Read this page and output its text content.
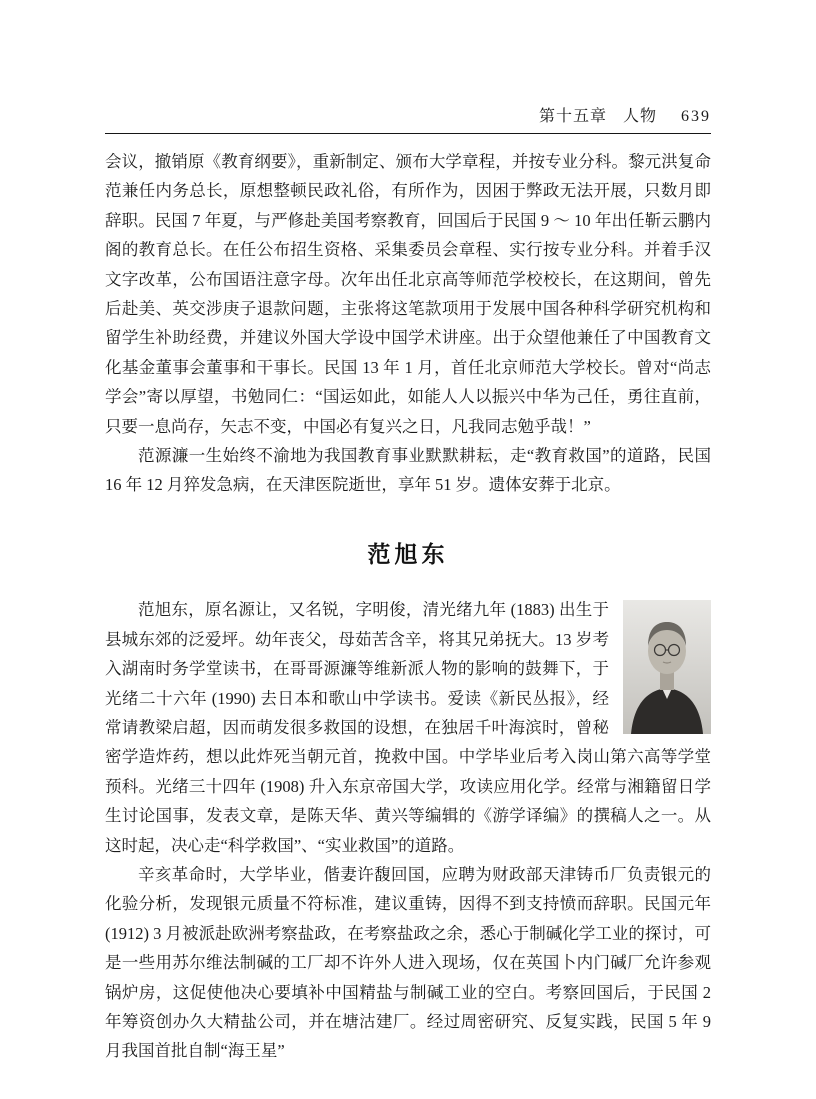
第十五章 人物 639

会议，撤销原《教育纲要》，重新制定、颁布大学章程，并按专业分科。黎元洪复命范兼任内务总长，原想整顿民政礼俗，有所作为，因困于弊政无法开展，只数月即辞职。民国 7 年夏，与严修赴美国考察教育，回国后于民国 9 ～ 10 年出任靳云鹏内阁的教育总长。在任公布招生资格、采集委员会章程、实行按专业分科。并着手汉文字改革，公布国语注意字母。次年出任北京高等师范学校校长，在这期间，曾先后赴美、英交涉庚子退款问题，主张将这笔款项用于发展中国各种科学研究机构和留学生补助经费，并建议外国大学设中国学术讲座。出于众望他兼任了中国教育文化基金董事会董事和干事长。民国 13 年 1 月，首任北京师范大学校长。曾对“尚志学会”寄以厚望，书勉同仁：“国运如此，如能人人以振兴中华为己任，勇往直前，只要一息尚存，矢志不变，中国必有复兴之日，凡我同志勉乎哉！”

范源濂一生始终不渝地为我国教育事业默默耕耘，走“教育救国”的道路，民国 16 年 12 月猝发急病，在天津医院逝世，享年 51 岁。遗体安葬于北京。

范旭东

范旭东，原名源让，又名锐，字明俊，清光绪九年 (1883) 出生于县城东郊的泛爱坪。幼年丧父，母茹苦含辛，将其兄弟抚大。13 岁考入湖南时务学堂读书，在哥哥源濂等维新派人物的影响的鼓舞下，于光绪二十六年 (1990) 去日本和歌山中学读书。爱读《新民丛报》，经常请教梁启超，因而萌发很多救国的设想，在独居千叶海滨时，曾秘密学造炸药，想以此炸死当朝元首，挽救中国。中学毕业后考入岗山第六高等学堂预科。光绪三十四年 (1908) 升入东京帝国大学，攻读应用化学。经常与湘籍留日学生讨论国事，发表文章，是陈天华、黄兴等编辑的《游学译编》的撰稿人之一。从这时起，决心走“科学救国”、“实业救国”的道路。

辛亥革命时，大学毕业，偕妻许馥回国，应聘为财政部天津铸币厂负责银元的化验分析，发现银元质量不符标准，建议重铸，因得不到支持愤而辞职。民国元年 (1912) 3 月被派赴欧洲考察盐政，在考察盐政之余，悉心于制碱化学工业的探讨，可是一些用苏尔维法制碱的工厂却不许外人进入现场，仅在英国卜内门碱厂允许参观锅炉房，这促使他决心要填补中国精盐与制碱工业的空白。考察回国后，于民国 2 年筹资创办久大精盐公司，并在塘沽建厂。经过周密研究、反复实践，民国 5 年 9 月我国首批自制“海王星”
